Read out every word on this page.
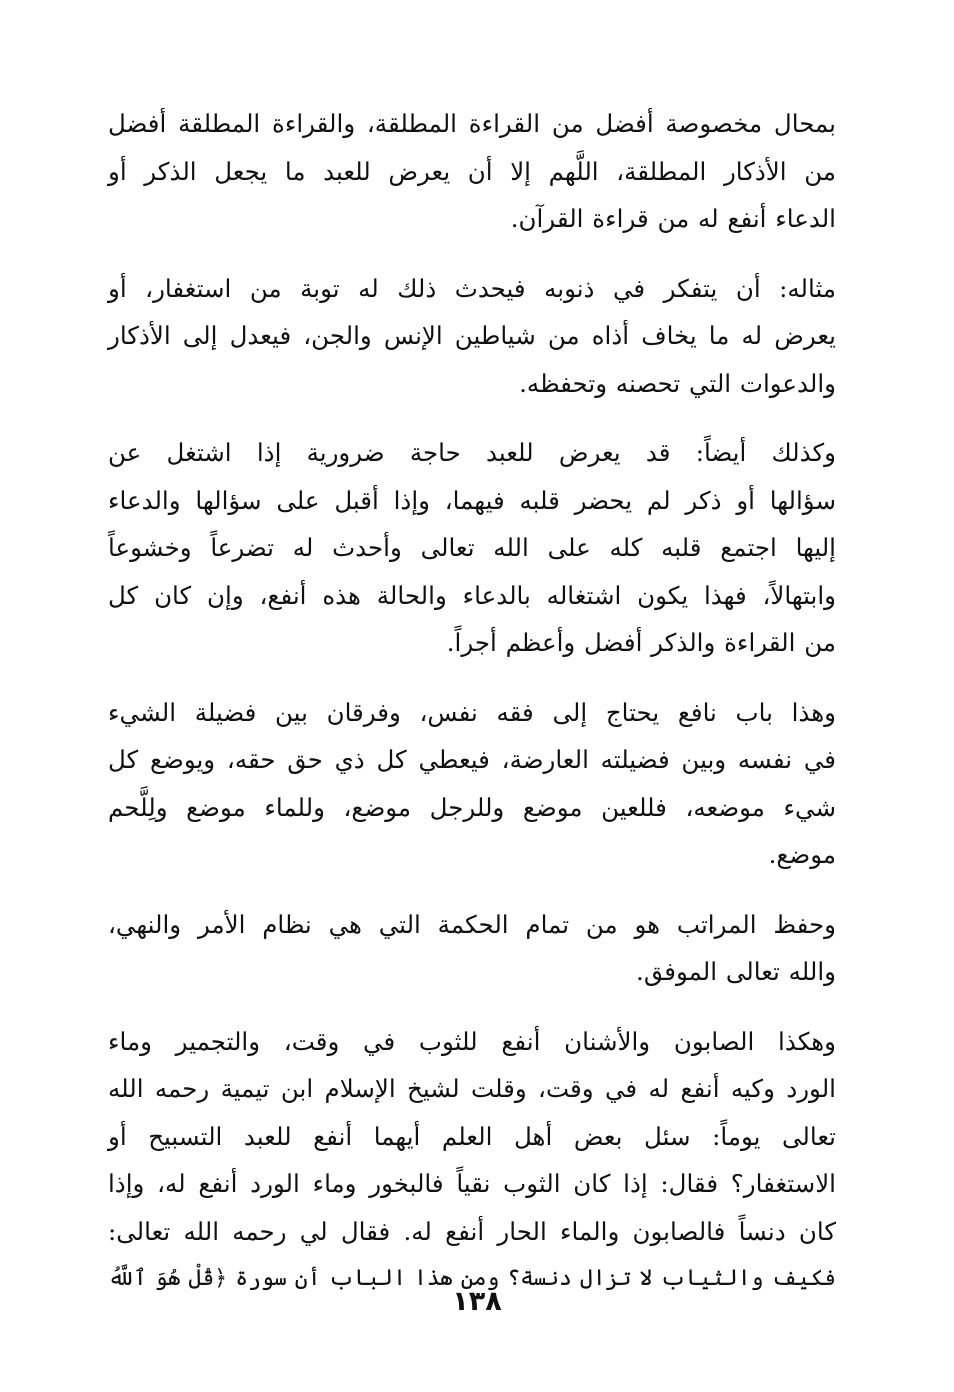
بمحال مخصوصة أفضل من القراءة المطلقة، والقراءة المطلقة أفضل
من الأذكار المطلقة، اللَّهم إلا أن يعرض للعبد ما يجعل الذكر أو
الدعاء أنفع له من قراءة القرآن.

مثاله: أن يتفكر في ذنوبه فيحدث ذلك له توبة من استغفار، أو
يعرض له ما يخاف أذاه من شياطين الإنس والجن، فيعدل إلى الأذكار
والدعوات التي تحصنه وتحفظه.

وكذلك أيضاً: قد يعرض للعبد حاجة ضرورية إذا اشتغل عن
سؤالها أو ذكر لم يحضر قلبه فيهما، وإذا أقبل على سؤالها والدعاء
إليها اجتمع قلبه كله على الله تعالى وأحدث له تضرعاً وخشوعاً
وابتهالاً، فهذا يكون اشتغاله بالدعاء والحالة هذه أنفع، وإن كان كل
من القراءة والذكر أفضل وأعظم أجراً.

وهذا باب نافع يحتاج إلى فقه نفس، وفرقان بين فضيلة الشيء
في نفسه وبين فضيلته العارضة، فيعطي كل ذي حق حقه، ويوضع كل
شيء موضعه، فللعين موضع وللرجل موضع، وللماء موضع ولِلَّحم
موضع.

وحفظ المراتب هو من تمام الحكمة التي هي نظام الأمر والنهي،
والله تعالى الموفق.

وهكذا الصابون والأشنان أنفع للثوب في وقت، والتجمير وماء
الورد وكيه أنفع له في وقت، وقلت لشيخ الإسلام ابن تيمية رحمه الله
تعالى يوماً: سئل بعض أهل العلم أيهما أنفع للعبد التسبيح أو
الاستغفار؟ فقال: إذا كان الثوب نقياً فالبخور وماء الورد أنفع له، وإذا
كان دنساً فالصابون والماء الحار أنفع له. فقال لي رحمه الله تعالى:
فكيف والثياب لا تزال دنسة؟ ومن هذا الباب أن سورة ﴿قُلْ هُوَ ٱللَّهُ

١٣٨
